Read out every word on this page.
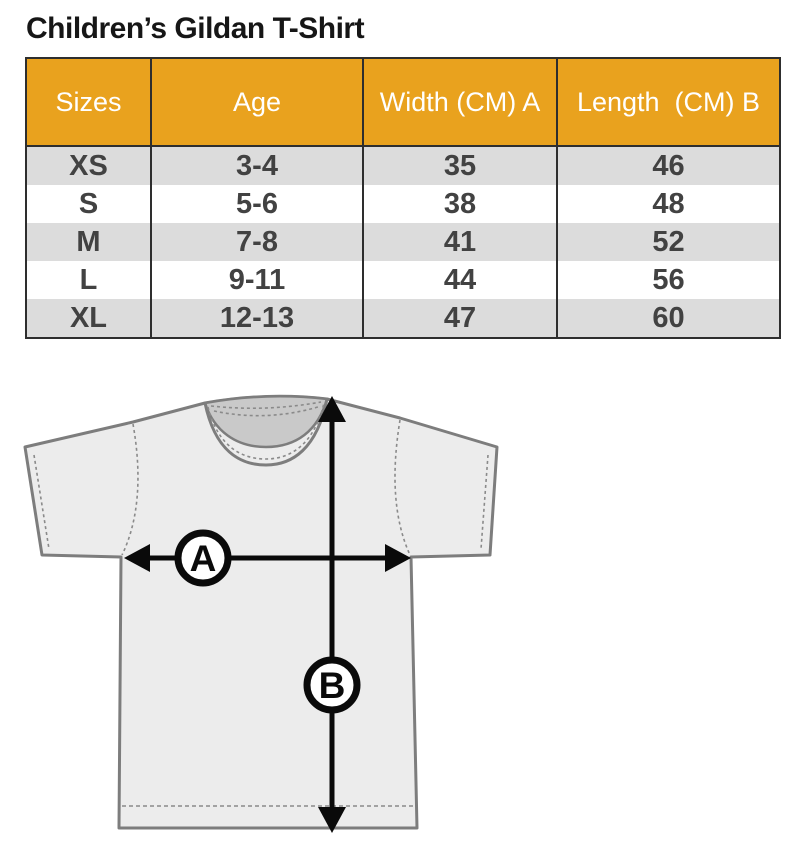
Children’s Gildan T-Shirt
Sizes	Age	Width (CM) A	Length  (CM) B
XS	3-4	35	46
S	5-6	38	48
M	7-8	41	52
L	9-11	44	56
XL	12-13	47	60
A
B
